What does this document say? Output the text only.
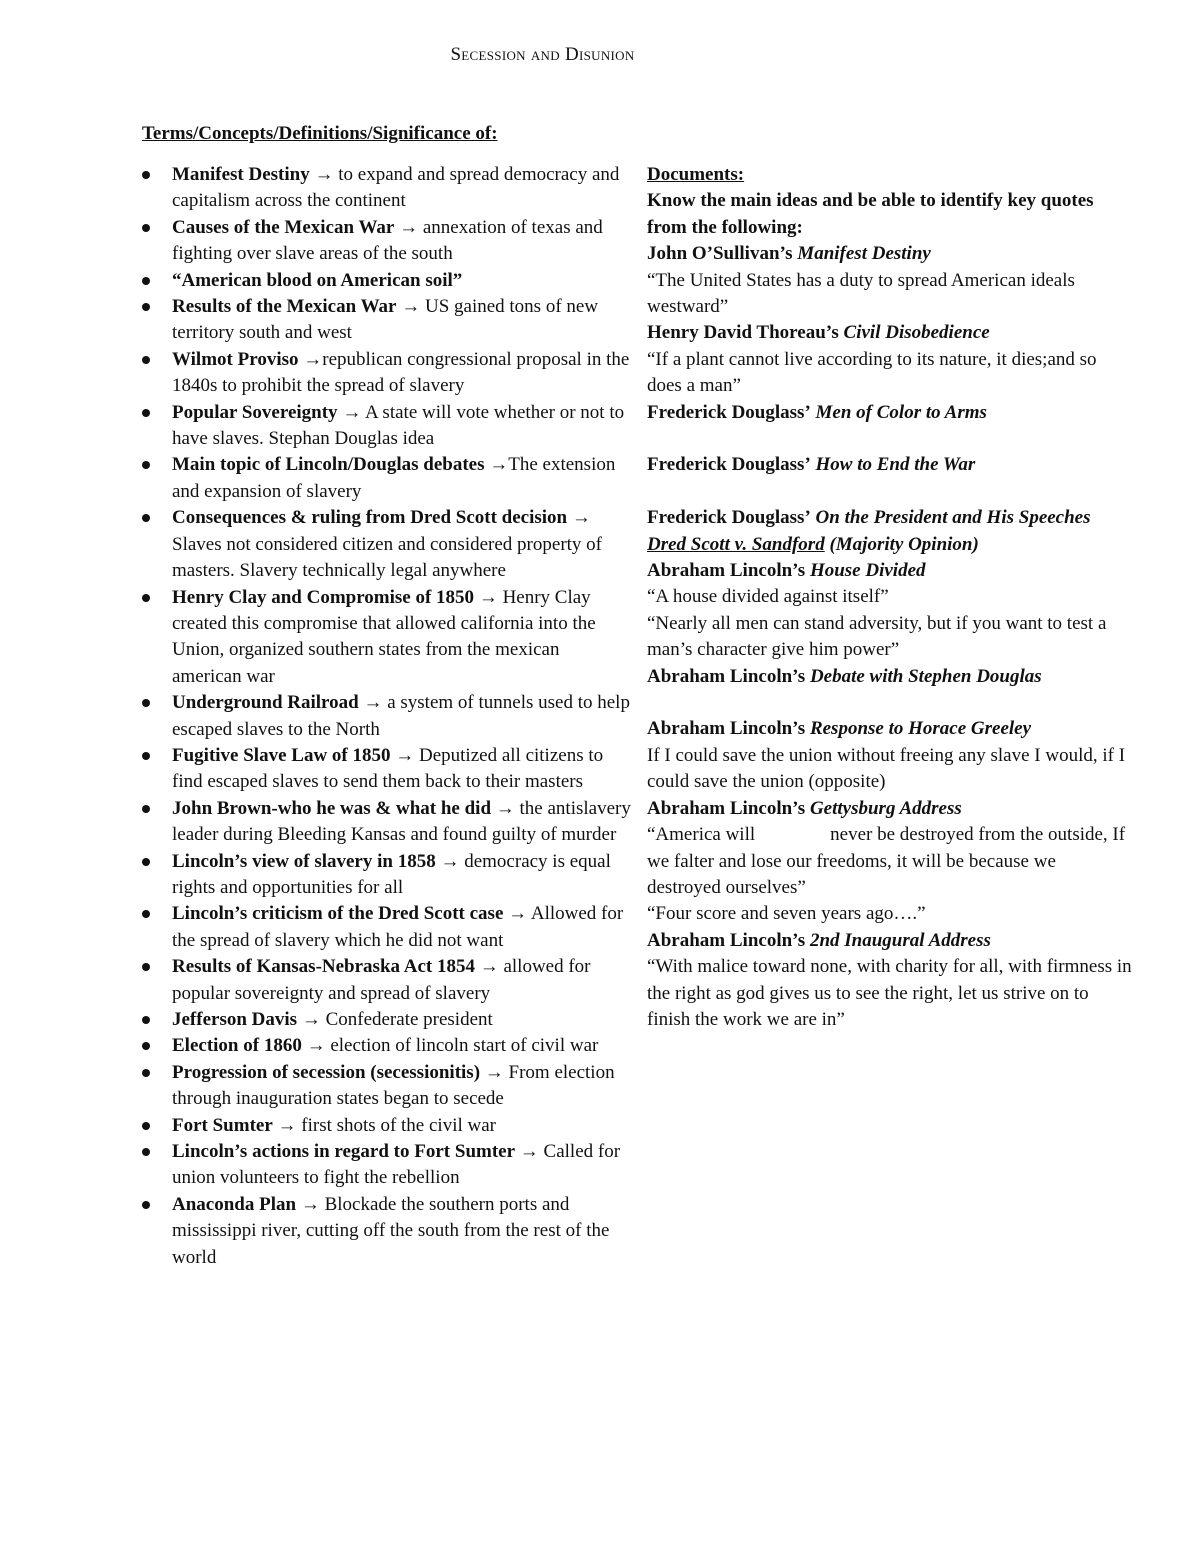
Secession and Disunion
Terms/Concepts/Definitions/Significance of:
Manifest Destiny → to expand and spread democracy and capitalism across the continent
Causes of the Mexican War → annexation of texas and fighting over slave areas of the south
“American blood on American soil”
Results of the Mexican War → US gained tons of new territory south and west
Wilmot Proviso →republican congressional proposal in the 1840s to prohibit the spread of slavery
Popular Sovereignty → A state will vote whether or not to have slaves. Stephan Douglas idea
Main topic of Lincoln/Douglas debates →The extension and expansion of slavery
Consequences & ruling from Dred Scott decision → Slaves not considered citizen and considered property of masters. Slavery technically legal anywhere
Henry Clay and Compromise of 1850 → Henry Clay created this compromise that allowed california into the Union, organized southern states from the mexican american war
Underground Railroad → a system of tunnels used to help escaped slaves to the North
Fugitive Slave Law of 1850 → Deputized all citizens to find escaped slaves to send them back to their masters
John Brown-who he was & what he did → the antislavery leader during Bleeding Kansas and found guilty of murder
Lincoln’s view of slavery in 1858 → democracy is equal rights and opportunities for all
Lincoln’s criticism of the Dred Scott case → Allowed for the spread of slavery which he did not want
Results of Kansas-Nebraska Act 1854 → allowed for popular sovereignty and spread of slavery
Jefferson Davis → Confederate president
Election of 1860 → election of lincoln start of civil war
Progression of secession (secessionitis) → From election through inauguration states began to secede
Fort Sumter → first shots of the civil war
Lincoln’s actions in regard to Fort Sumter → Called for union volunteers to fight the rebellion
Anaconda Plan → Blockade the southern ports and mississippi river, cutting off the south from the rest of the world

Documents:

Know the main ideas and be able to identify key quotes from the following:

John O’Sullivan’s Manifest Destiny

“The United States has a duty to spread American ideals westward”

Henry David Thoreau’s Civil Disobedience

“If a plant cannot live according to its nature, it dies;and so does a man”

Frederick Douglass’ Men of Color to Arms

Frederick Douglass’ How to End the War

Frederick Douglass’ On the President and His Speeches

Dred Scott v. Sandford (Majority Opinion)

Abraham Lincoln’s House Divided

“A house divided against itself”

“Nearly all men can stand adversity, but if you want to test a man’s character give him power”

Abraham Lincoln’s Debate with Stephen Douglas

Abraham Lincoln’s Response to Horace Greeley

If I could save the union without freeing any slave I would, if I could save the union (opposite)

Abraham Lincoln’s Gettysburg Address

“America will	never be destroyed from the outside, If we falter and lose our freedoms, it will be because we destroyed ourselves”

“Four score and seven years ago….”

Abraham Lincoln’s 2nd Inaugural Address

“With malice toward none, with charity for all, with firmness in the right as god gives us to see the right, let us strive on to finish the work we are in”
